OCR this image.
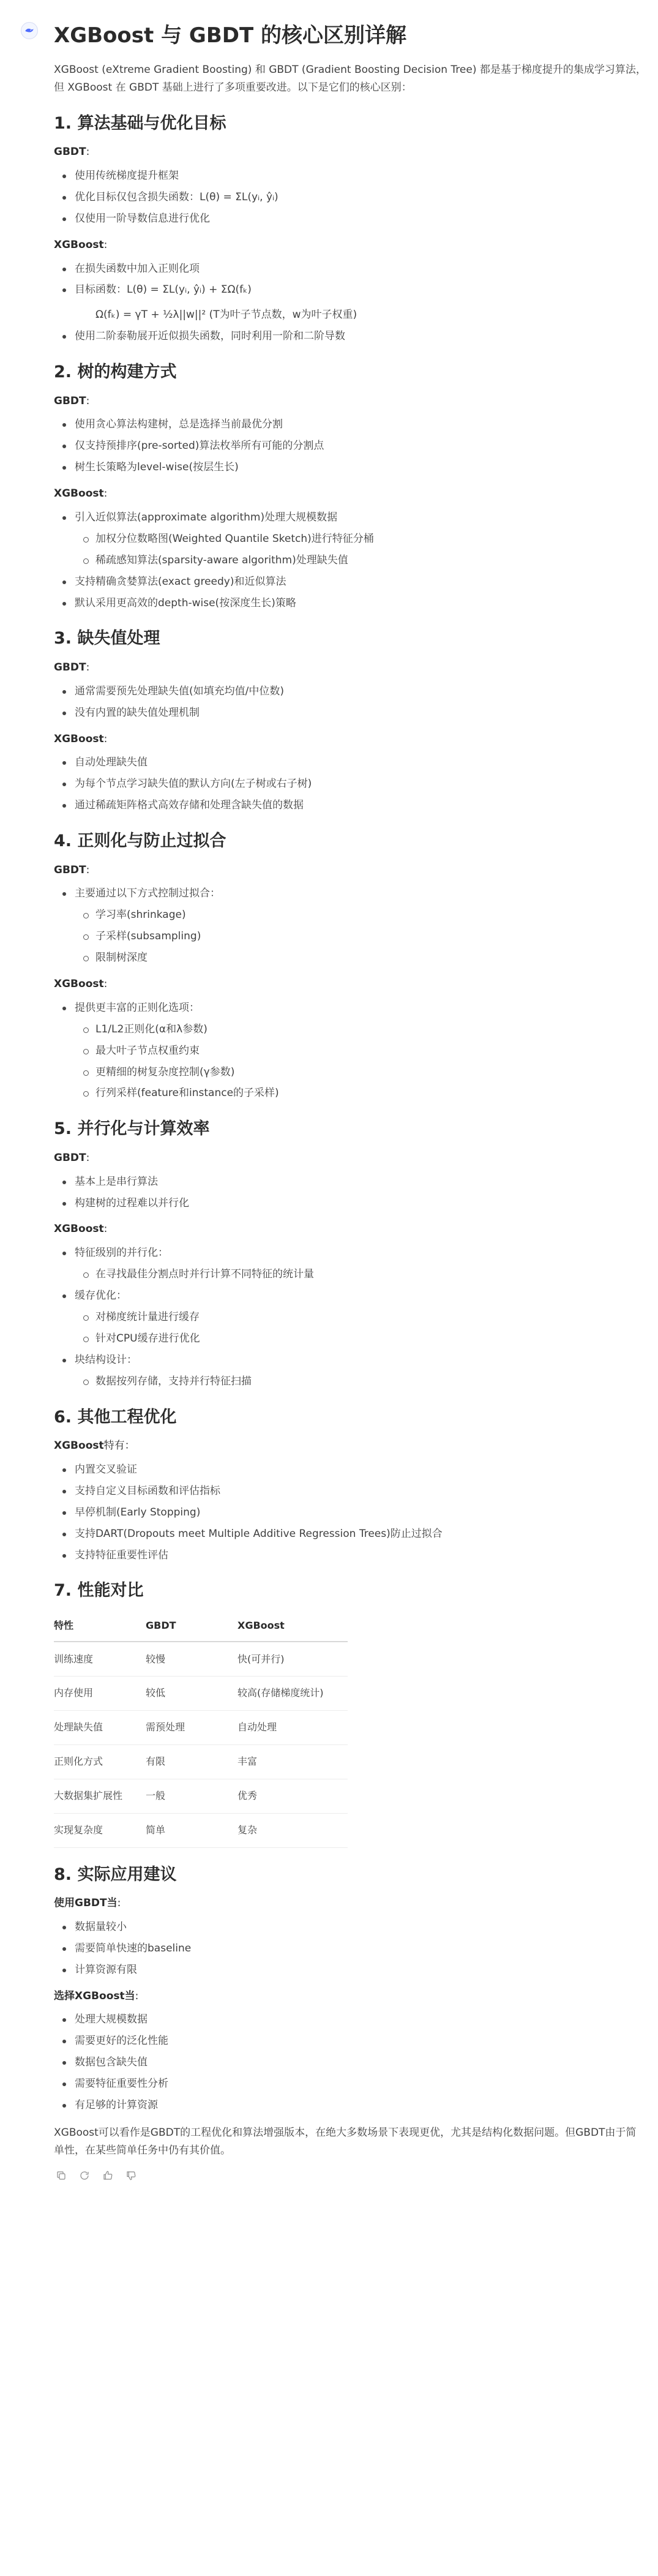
XGBoost 与 GBDT 的核心区别详解

XGBoost (eXtreme Gradient Boosting) 和 GBDT (Gradient Boosting Decision Tree) 都是基于梯度提升的集成学习算法，但 XGBoost 在 GBDT 基础上进行了多项重要改进。以下是它们的核心区别：

1. 算法基础与优化目标
GBDT:
使用传统梯度提升框架
优化目标仅包含损失函数：L(θ) = ΣL(yᵢ, ŷᵢ)
仅使用一阶导数信息进行优化
XGBoost:
在损失函数中加入正则化项
目标函数：L(θ) = ΣL(yᵢ, ŷᵢ) + ΣΩ(fₖ)
Ω(fₖ) = γT + ½λ||w||² (T为叶子节点数，w为叶子权重)
使用二阶泰勒展开近似损失函数，同时利用一阶和二阶导数
2. 树的构建方式
GBDT:
使用贪心算法构建树，总是选择当前最优分割
仅支持预排序(pre-sorted)算法枚举所有可能的分割点
树生长策略为level-wise(按层生长)
XGBoost:
引入近似算法(approximate algorithm)处理大规模数据
加权分位数略图(Weighted Quantile Sketch)进行特征分桶
稀疏感知算法(sparsity-aware algorithm)处理缺失值
支持精确贪婪算法(exact greedy)和近似算法
默认采用更高效的depth-wise(按深度生长)策略
3. 缺失值处理
GBDT:
通常需要预先处理缺失值(如填充均值/中位数)
没有内置的缺失值处理机制
XGBoost:
自动处理缺失值
为每个节点学习缺失值的默认方向(左子树或右子树)
通过稀疏矩阵格式高效存储和处理含缺失值的数据
4. 正则化与防止过拟合
GBDT:
主要通过以下方式控制过拟合：
学习率(shrinkage)
子采样(subsampling)
限制树深度
XGBoost:
提供更丰富的正则化选项：
L1/L2正则化(α和λ参数)
最大叶子节点权重约束
更精细的树复杂度控制(γ参数)
行列采样(feature和instance的子采样)
5. 并行化与计算效率
GBDT:
基本上是串行算法
构建树的过程难以并行化
XGBoost:
特征级别的并行化：
在寻找最佳分割点时并行计算不同特征的统计量
缓存优化：
对梯度统计量进行缓存
针对CPU缓存进行优化
块结构设计：
数据按列存储，支持并行特征扫描
6. 其他工程优化
XGBoost特有：
内置交叉验证
支持自定义目标函数和评估指标
早停机制(Early Stopping)
支持DART(Dropouts meet Multiple Additive Regression Trees)防止过拟合
支持特征重要性评估
7. 性能对比
特性	GBDT	XGBoost
训练速度	较慢	快(可并行)
内存使用	较低	较高(存储梯度统计)
处理缺失值	需预处理	自动处理
正则化方式	有限	丰富
大数据集扩展性	一般	优秀
实现复杂度	简单	复杂
8. 实际应用建议
使用GBDT当:
数据量较小
需要简单快速的baseline
计算资源有限
选择XGBoost当:
处理大规模数据
需要更好的泛化性能
数据包含缺失值
需要特征重要性分析
有足够的计算资源

XGBoost可以看作是GBDT的工程优化和算法增强版本，在绝大多数场景下表现更优，尤其是结构化数据问题。但GBDT由于简单性，在某些简单任务中仍有其价值。
